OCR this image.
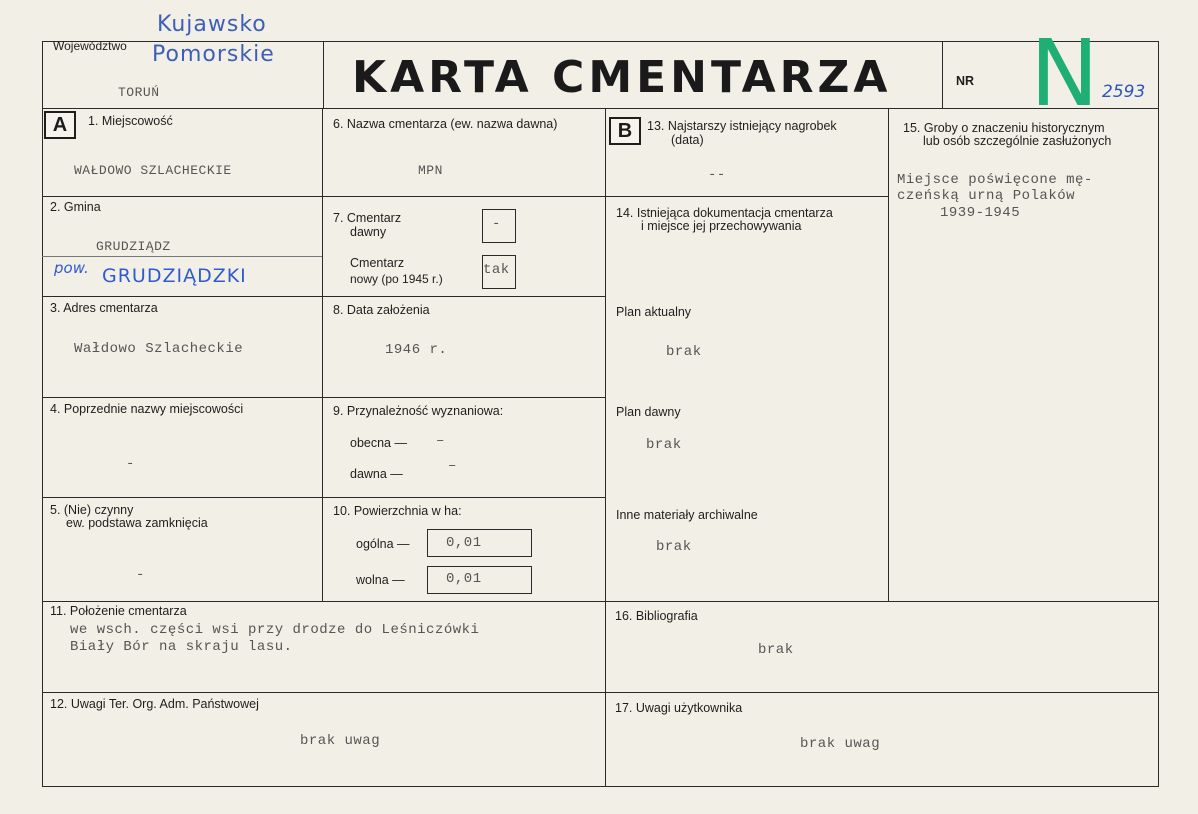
Województwo
Kujawsko
Pomorskie
TORUŃ	KARTA CMENTARZA	NR N 2593
A	1. Miejscowość
WAŁDOWO SZLACHECKIE
2. Gmina
GRUDZIĄDZ
pow. GRUDZIĄDZKI
3. Adres cmentarza
Wałdowo Szlacheckie
4. Poprzednie nazwy miejscowości
-
5. (Nie) czynny
ew. podstawa zamknięcia
-
6. Nazwa cmentarza (ew. nazwa dawna)
MPN
7. Cmentarz
dawny	-
Cmentarz
nowy (po 1945 r.)
tak
8. Data założenia
1946 r.
9. Przynależność wyznaniowa:
obecna — –
dawna —	–
10. Powierzchnia w ha:
ogólna —	0,01
wolna —	0,01
B	13. Najstarszy istniejący nagrobek
(data)
--
14. Istniejąca dokumentacja cmentarza
i miejsce jej przechowywania
Plan aktualny
brak
Plan dawny
brak
Inne materiały archiwalne
brak
15. Groby o znaczeniu historycznym
lub osób szczególnie zasłużonych
Miejsce poświęcone mę-
czeńską urną Polaków
1939-1945
11. Położenie cmentarza
we wsch. części wsi przy drodze do Leśniczówki
Biały Bór na skraju lasu.
12. Uwagi Ter. Org. Adm. Państwowej
brak uwag
16. Bibliografia
brak
17. Uwagi użytkownika
brak uwag
